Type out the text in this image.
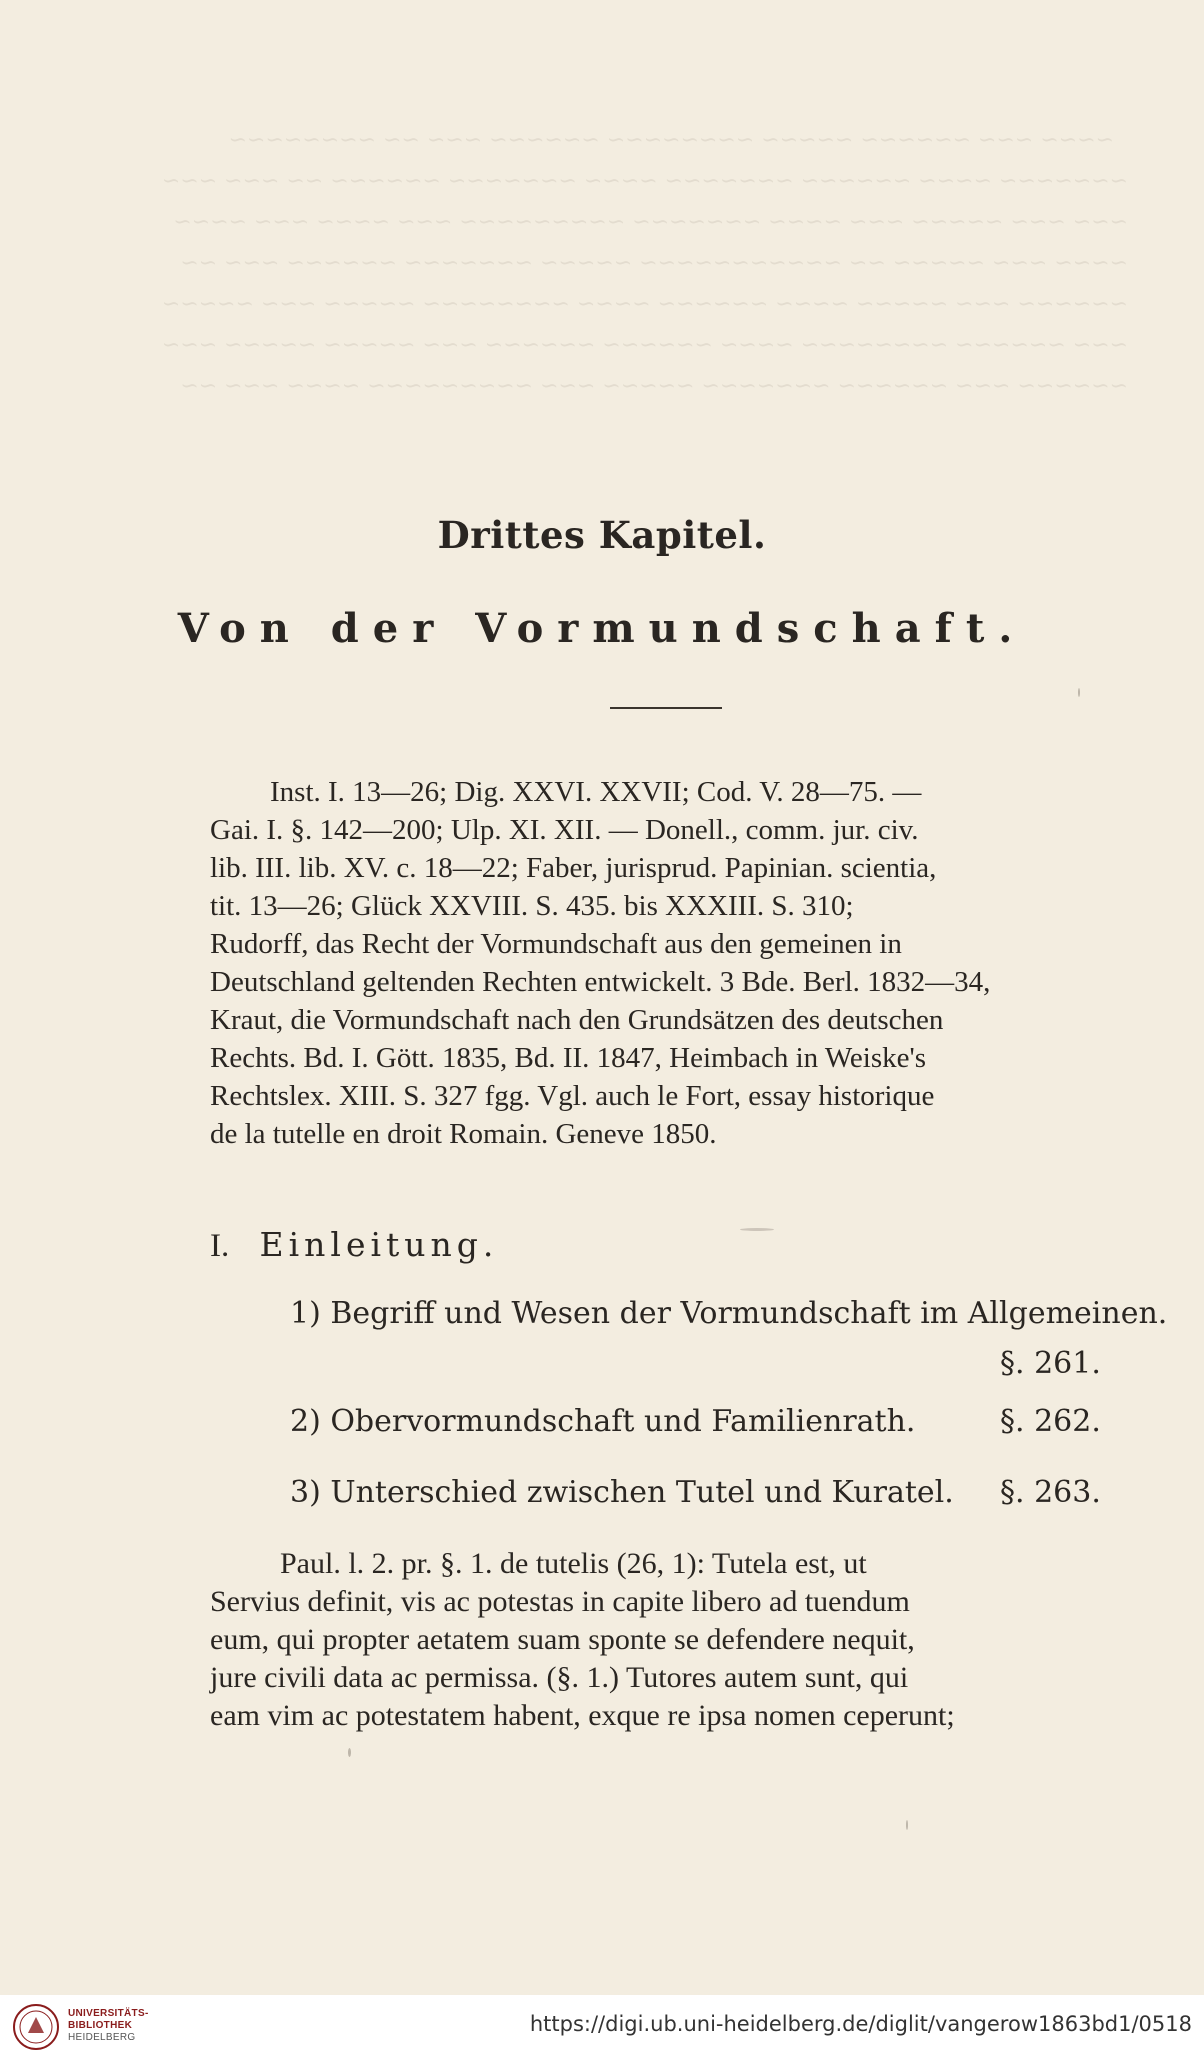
~~~~ ~~~ ~~~~~~ ~~~~~ ~~~~~~~~ ~~~~~~ ~~~ ~~ ~~~~~~~~
~~~~~~~ ~~~~ ~~~~~~ ~~~~~~~ ~~~~ ~~~~~~~ ~~~~~~ ~~ ~~~ ~~~
~~~ ~~~ ~~~~~ ~~~ ~~~~ ~~~~~~~ ~~~~~~~~~ ~~~ ~~~~ ~~~ ~~~~
~~~~ ~~~ ~~~~~ ~~ ~~~~~~~~~~~ ~~~~~ ~~~~~~~ ~~~~~~ ~~~ ~~
~~~~~~ ~~~ ~~~~~ ~~~~ ~~~~~~ ~~~~ ~~~~~~~~ ~~~~~ ~~~ ~~~~~
~~~ ~~~~~~ ~~~~~~~~ ~~~~ ~~~~~~ ~~~~~~ ~~~ ~~~~~ ~~~~~ ~~~
~~~~~~ ~~~ ~~~~~~ ~~~~~~~ ~~~~~ ~~~ ~~~~~~~~~ ~~~~ ~~~ ~~
Drittes Kapitel.
Von der Vormundschaft.
Inst. I. 13—26; Dig. XXVI. XXVII; Cod. V. 28—75. —
Gai. I. §. 142—200; Ulp. XI. XII. — Donell., comm. jur. civ.
lib. III. lib. XV. c. 18—22; Faber, jurisprud. Papinian. scientia,
tit. 13—26; Glück XXVIII. S. 435. bis XXXIII. S. 310;
Rudorff, das Recht der Vormundschaft aus den gemeinen in
Deutschland geltenden Rechten entwickelt. 3 Bde. Berl. 1832—34,
Kraut, die Vormundschaft nach den Grundsätzen des deutschen
Rechts. Bd. I. Gött. 1835, Bd. II. 1847, Heimbach in Weiske's
Rechtslex. XIII. S. 327 fgg. Vgl. auch le Fort, essay historique
de la tutelle en droit Romain. Geneve 1850.
I. Einleitung.
1) Begriff und Wesen der Vormundschaft im Allgemeinen.
§. 261.
2) Obervormundschaft und Familienrath.	§. 262.
3) Unterschied zwischen Tutel und Kuratel. §. 263.
Paul. l. 2. pr. §. 1. de tutelis (26, 1): Tutela est, ut
Servius definit, vis ac potestas in capite libero ad tuendum
eum, qui propter aetatem suam sponte se defendere nequit,
jure civili data ac permissa. (§. 1.) Tutores autem sunt, qui
eam vim ac potestatem habent, exque re ipsa nomen ceperunt;
UNIVERSITÄTS-
BIBLIOTHEK
HEIDELBERG
https://digi.ub.uni-heidelberg.de/diglit/vangerow1863bd1/0518
